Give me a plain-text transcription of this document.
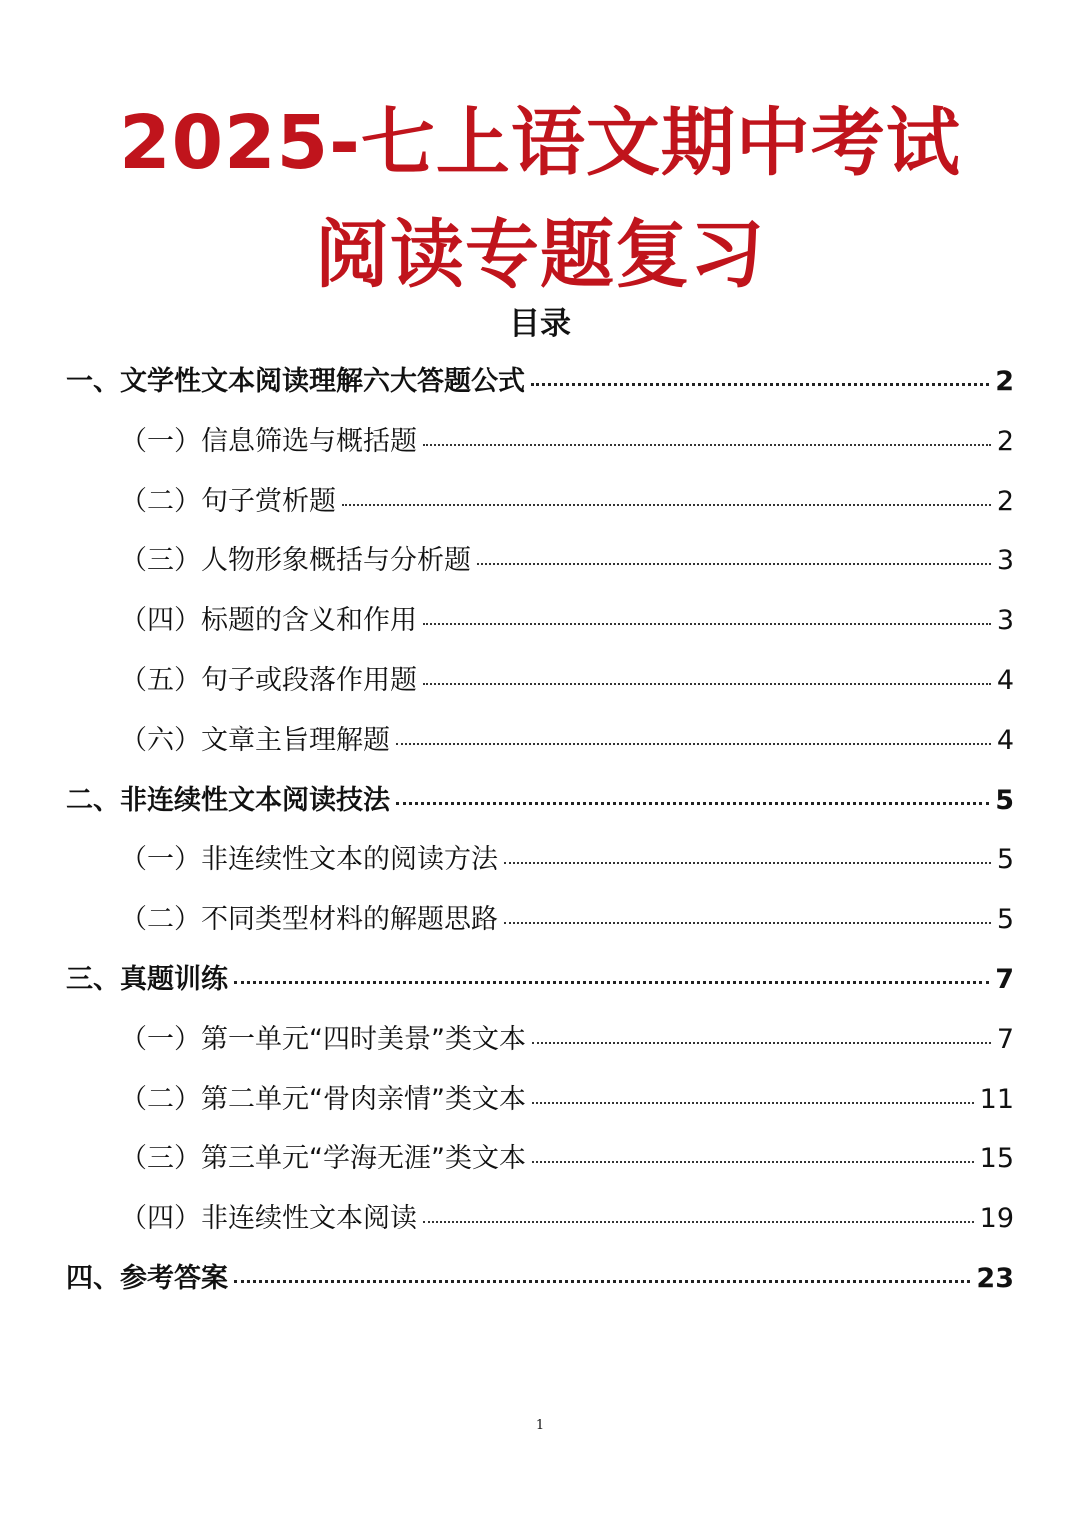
2025-七上语文期中考试
阅读专题复习
目录
一、文学性文本阅读理解六大答题公式	2
（一）信息筛选与概括题	2
（二）句子赏析题	2
（三）人物形象概括与分析题	3
（四）标题的含义和作用	3
（五）句子或段落作用题	4
（六）文章主旨理解题	4
二、非连续性文本阅读技法	5
（一）非连续性文本的阅读方法	5
（二）不同类型材料的解题思路	5
三、真题训练	7
（一）第一单元“四时美景”类文本	7
（二）第二单元“骨肉亲情”类文本	11
（三）第三单元“学海无涯”类文本	15
（四）非连续性文本阅读	19
四、参考答案	23
1
